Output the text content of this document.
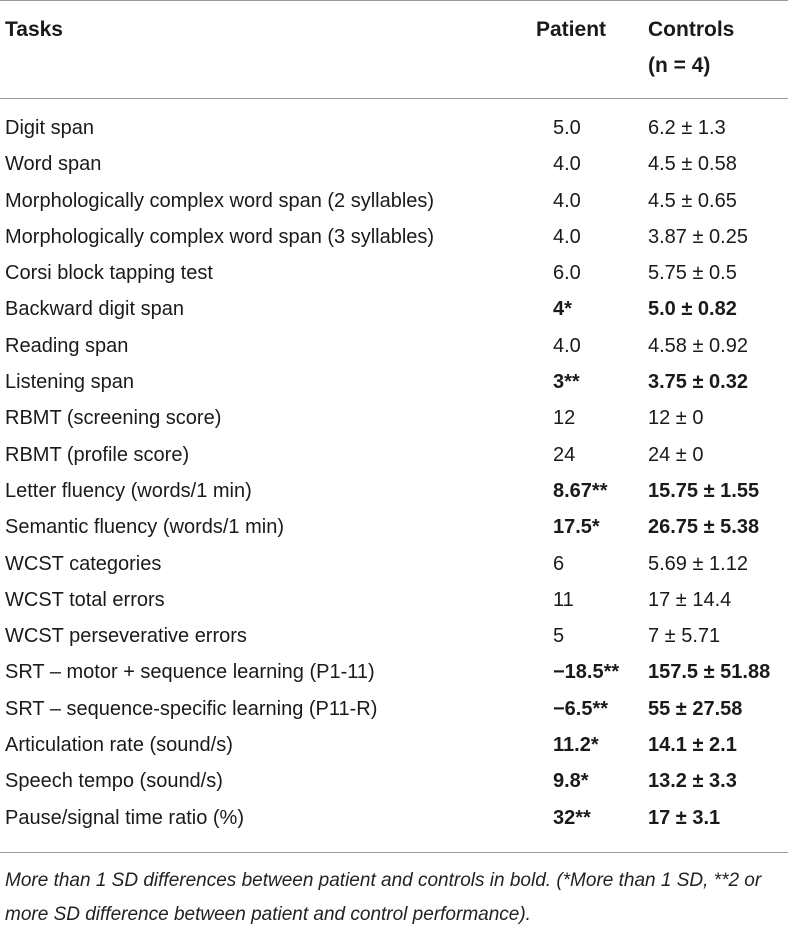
Tasks	Patient Controls
(n = 4)
Digit span	5.0	6.2 ± 1.3
Word span	4.0	4.5 ± 0.58
Morphologically complex word span (2 syllables)	4.0	4.5 ± 0.65
Morphologically complex word span (3 syllables)	4.0	3.87 ± 0.25
Corsi block tapping test	6.0	5.75 ± 0.5
Backward digit span	4*	5.0 ± 0.82
Reading span	4.0	4.58 ± 0.92
Listening span	3**	3.75 ± 0.32
RBMT (screening score)	12	12 ± 0
RBMT (profile score)	24	24 ± 0
Letter fluency (words/1 min)	8.67** 15.75 ± 1.55
Semantic fluency (words/1 min)	17.5* 26.75 ± 5.38
WCST categories	6	5.69 ± 1.12
WCST total errors	11	17 ± 14.4
WCST perseverative errors	5	7 ± 5.71
SRT – motor + sequence learning (P1-11)	−18.5** 157.5 ± 51.88
SRT – sequence-specific learning (P11-R)	−6.5** 55 ± 27.58
Articulation rate (sound/s)	11.2* 14.1 ± 2.1
Speech tempo (sound/s)	9.8*	13.2 ± 3.3
Pause/signal time ratio (%)	32**	17 ± 3.1
More than 1 SD differences between patient and controls in bold. (*More than 1 SD, **2 or more SD difference between patient and control performance).
